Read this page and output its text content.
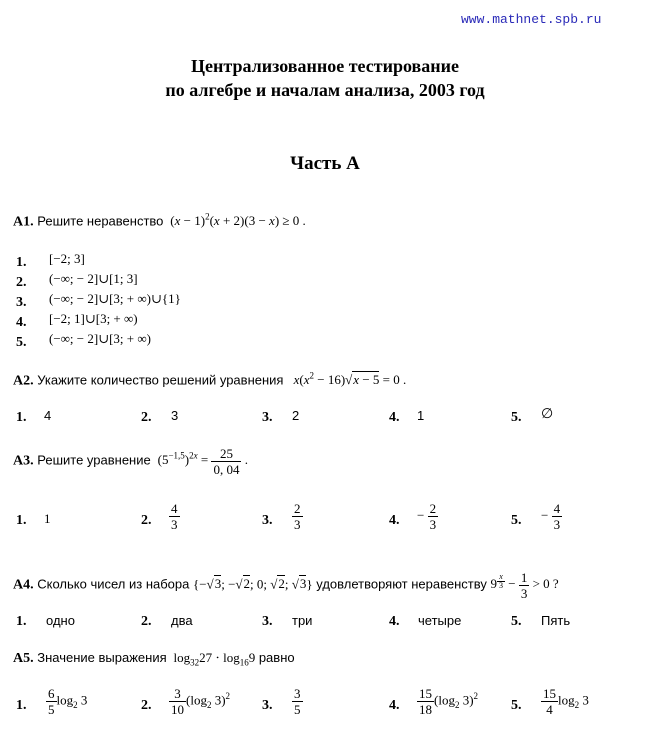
www.mathnet.spb.ru
Централизованное тестирование
по алгебре и началам анализа, 2003 год
Часть А
А1. Решите неравенство  $(x - 1)^2(x + 2)(3 - x) \ge 0$ .
1. [−2; 3]
2. (−∞; − 2]∪[1; 3]
3. (−∞; − 2]∪[3; + ∞)∪{1}
4. [−2; 1]∪[3; + ∞)
5. (−∞; − 2]∪[3; + ∞)
А2. Укажите количество решений уравнения $x(x^2 - 16)√x - 5 = 0$ .
1. 4	2. 3	3. 2	4. 1	5. ∅
А3. Решите уравнение  $(5^{-1,5})^{2x} = \frac{25}{0, 04}$ .
1. 1	2. $\frac{4}{3}$	3. $\frac{2}{3}$	4. − $\frac{2}{3}$	5. − $\frac{4}{3}$
А4. Сколько чисел из набора {−√3; −√2; 0; √2; √3} удовлетворяют неравенству 9 $^{\frac{x}{3}} - \frac{1}{3} > 0$ ?
1. одно	2. два	3. три	4. четыре	5. Пять
А5. Значение выражения  $\log_{32}27 \cdot \log_{16}9$ равно
1. $\frac{6}{5} \log_2 3$	2. $\frac{3}{10} (\log_2$ 3)$^2$
3. $\frac{3}{5}$	4. $\frac{15}{18} (\log_2$ 3)$^2$
5. $\frac{15}{4} \log_2 3$
